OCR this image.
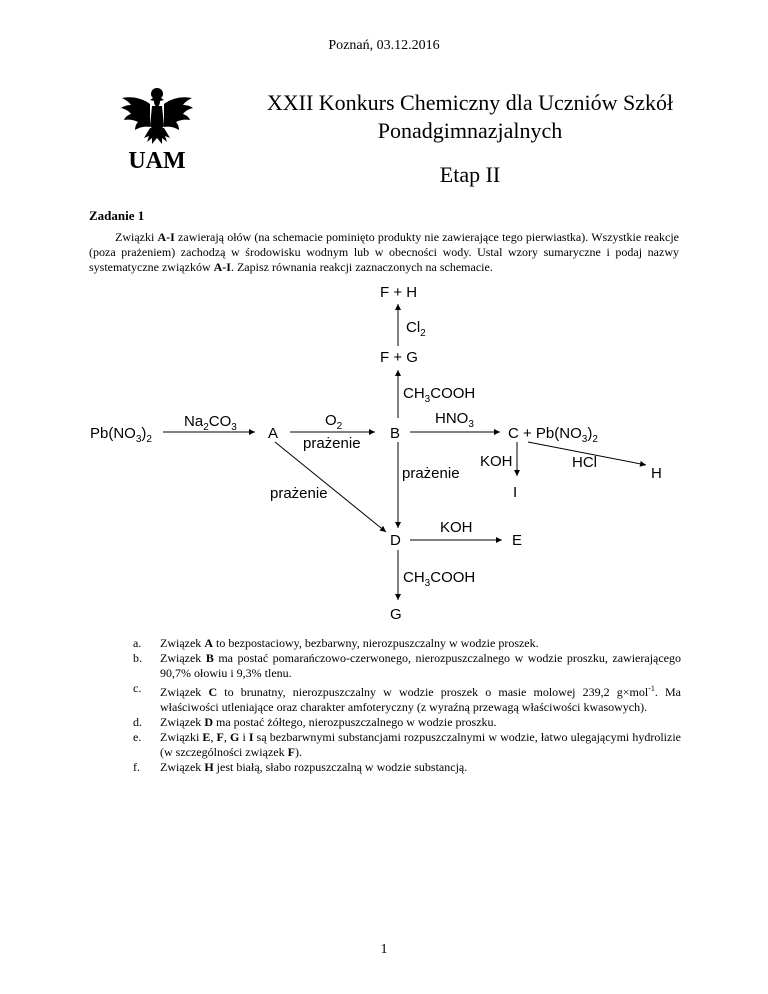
Poznań, 03.12.2016
UAM
XXII Konkurs Chemiczny dla Uczniów Szkół
Ponadgimnazjalnych
Etap II
Zadanie 1

Związki A-I zawierają ołów (na schemacie pominięto produkty nie zawierające tego pierwiastka). Wszystkie reakcje (poza prażeniem) zachodzą w środowisku wodnym lub w obecności wody. Ustal wzory sumaryczne i podaj nazwy systematyczne związków A-I. Zapisz równania reakcji zaznaczonych na schemacie.

F + H
F + G
$Pb(NO_3)_2$	A	B	$C + Pb(NO_3)_2$
D	E
G
H
I
$Cl_2$
$CH_3COOH$
$Na_2CO_3$	$O_2$
prażenie
$HNO_3$
KOH	HCl
prażenie
prażenie
KOH
$CH_3COOH$
a. Związek A to bezpostaciowy, bezbarwny, nierozpuszczalny w wodzie proszek.
b. Związek B ma postać pomarańczowo-czerwonego, nierozpuszczalnego w wodzie proszku, zawierającego 90,7% ołowiu i 9,3% tlenu.
c. Związek C to brunatny, nierozpuszczalny w wodzie proszek o masie molowej 239,2 g×mol$^{-1}$. Ma właściwości utleniające oraz charakter amfoteryczny (z wyraźną przewagą właściwości kwasowych).
d. Związek D ma postać żółtego, nierozpuszczalnego w wodzie proszku.
e. Związki E, F, G i I są bezbarwnymi substancjami rozpuszczalnymi w wodzie, łatwo ulegającymi hydrolizie (w szczególności związek F).
f. Związek H jest białą, słabo rozpuszczalną w wodzie substancją.
1
